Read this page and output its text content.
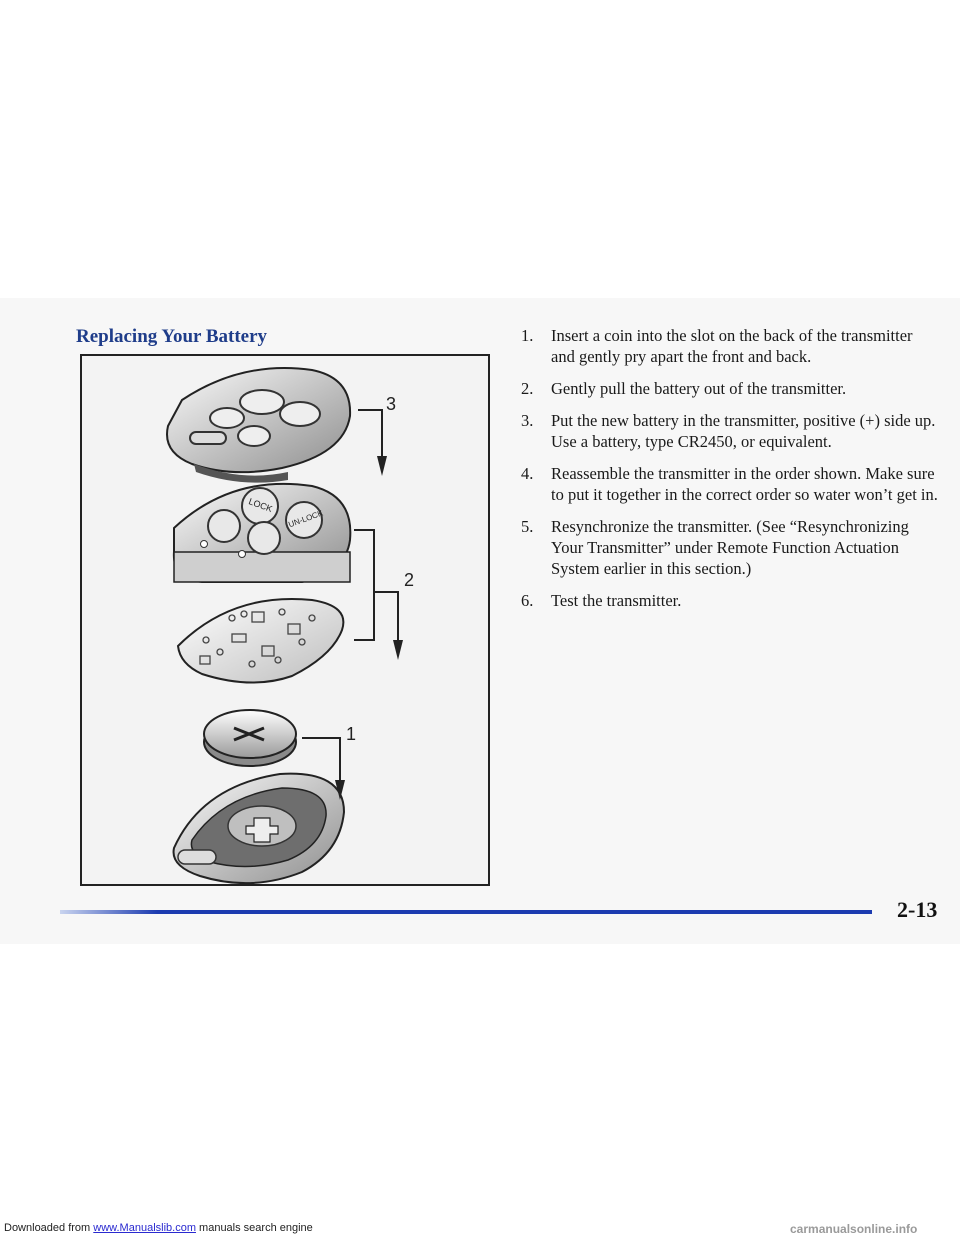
Replacing Your Battery
LOCK
UN-LOCK
3
2
1
1. Insert a coin into the slot on the back of the transmitter and gently pry apart the front and back.
2. Gently pull the battery out of the transmitter.
3. Put the new battery in the transmitter, positive (+) side up. Use a battery, type CR2450, or equivalent.
4. Reassemble the transmitter in the order shown. Make sure to put it together in the correct order so water won’t get in.
5. Resynchronize the transmitter. (See “Resynchronizing Your Transmitter” under Remote Function Actuation System earlier in this section.)
6. Test the transmitter.
2-13
Downloaded from www.Manualslib.com manuals search engine	carmanualsonline.info
